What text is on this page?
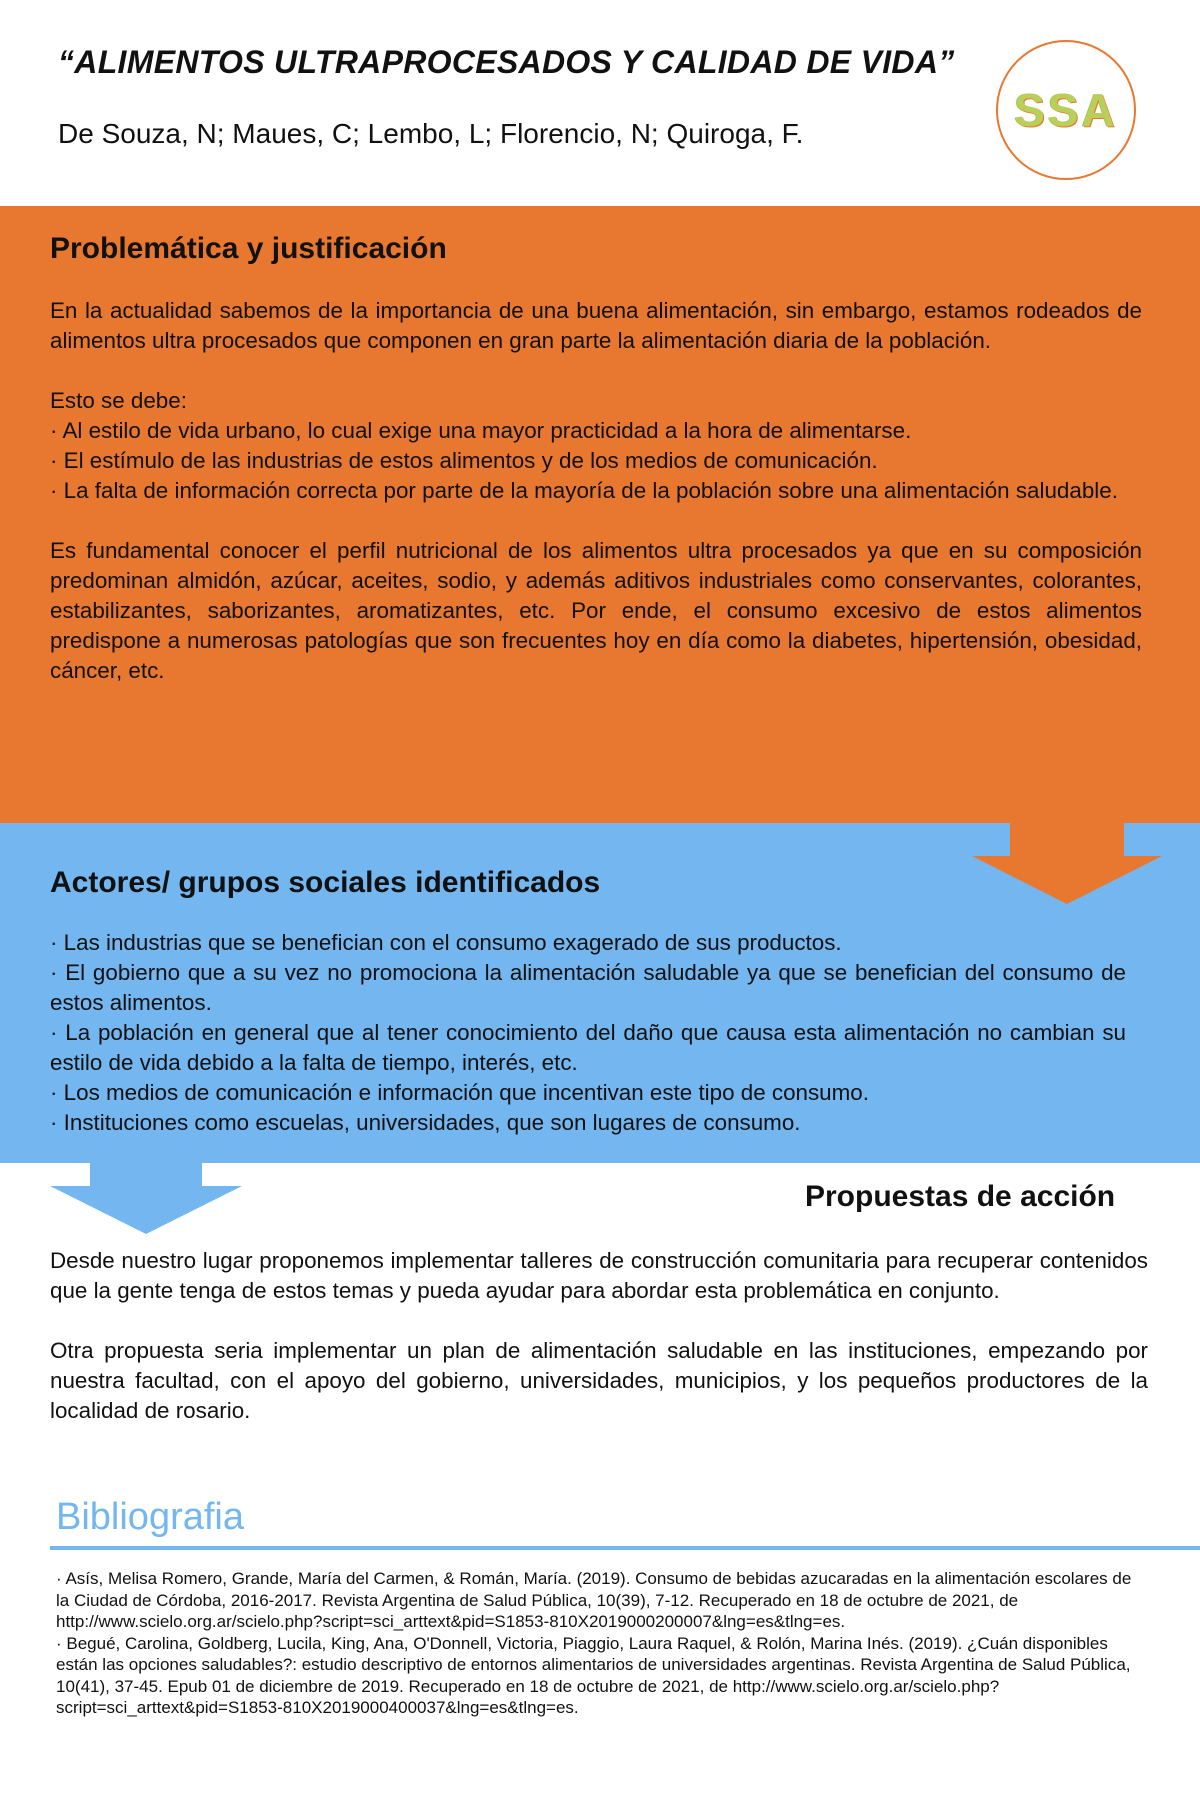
“ALIMENTOS ULTRAPROCESADOS Y CALIDAD DE VIDA”
De Souza, N; Maues, C; Lembo, L; Florencio, N; Quiroga, F.	SSA
Problemática y justificación

En la actualidad sabemos de la importancia de una buena alimentación, sin embargo, estamos rodeados de alimentos ultra procesados que componen en gran parte la alimentación diaria de la población.

Esto se debe:

· Al estilo de vida urbano, lo cual exige una mayor practicidad a la hora de alimentarse.

· El estímulo de las industrias de estos alimentos y de los medios de comunicación.

· La falta de información correcta por parte de la mayoría de la población sobre una alimentación saludable.

Es fundamental conocer el perfil nutricional de los alimentos ultra procesados ya que en su composición predominan almidón, azúcar, aceites, sodio, y además aditivos industriales como conservantes, colorantes, estabilizantes, saborizantes, aromatizantes, etc. Por ende, el consumo excesivo de estos alimentos predispone a numerosas patologías que son frecuentes hoy en día como la diabetes, hipertensión, obesidad, cáncer, etc.

Actores/ grupos sociales identificados

· Las industrias que se benefician con el consumo exagerado de sus productos.

· El gobierno que a su vez no promociona la alimentación saludable ya que se benefician del consumo de estos alimentos.

· La población en general que al tener conocimiento del daño que causa esta alimentación no cambian su estilo de vida debido a la falta de tiempo, interés, etc.

· Los medios de comunicación e información que incentivan este tipo de consumo.

· Instituciones como escuelas, universidades, que son lugares de consumo.

Propuestas de acción

Desde nuestro lugar proponemos implementar talleres de construcción comunitaria para recuperar contenidos que la gente tenga de estos temas y pueda ayudar para abordar esta problemática en conjunto.

Otra propuesta seria implementar un plan de alimentación saludable en las instituciones, empezando por nuestra facultad, con el apoyo del gobierno, universidades, municipios, y los pequeños productores de la localidad de rosario.

Bibliografia

· Asís, Melisa Romero, Grande, María del Carmen, & Román, María. (2019). Consumo de bebidas azucaradas en la alimentación escolares de la Ciudad de Córdoba, 2016-2017. Revista Argentina de Salud Pública, 10(39), 7-12. Recuperado en 18 de octubre de 2021, de http://www.scielo.org.ar/scielo.php?script=sci_arttext&pid=S1853-810X2019000200007&lng=es&tlng=es.

· Begué, Carolina, Goldberg, Lucila, King, Ana, O'Donnell, Victoria, Piaggio, Laura Raquel, & Rolón, Marina Inés. (2019). ¿Cuán disponibles están las opciones saludables?: estudio descriptivo de entornos alimentarios de universidades argentinas. Revista Argentina de Salud Pública, 10(41), 37-45. Epub 01 de diciembre de 2019. Recuperado en 18 de octubre de 2021, de http://www.scielo.org.ar/scielo.php?script=sci_arttext&pid=S1853-810X2019000400037&lng=es&tlng=es.
